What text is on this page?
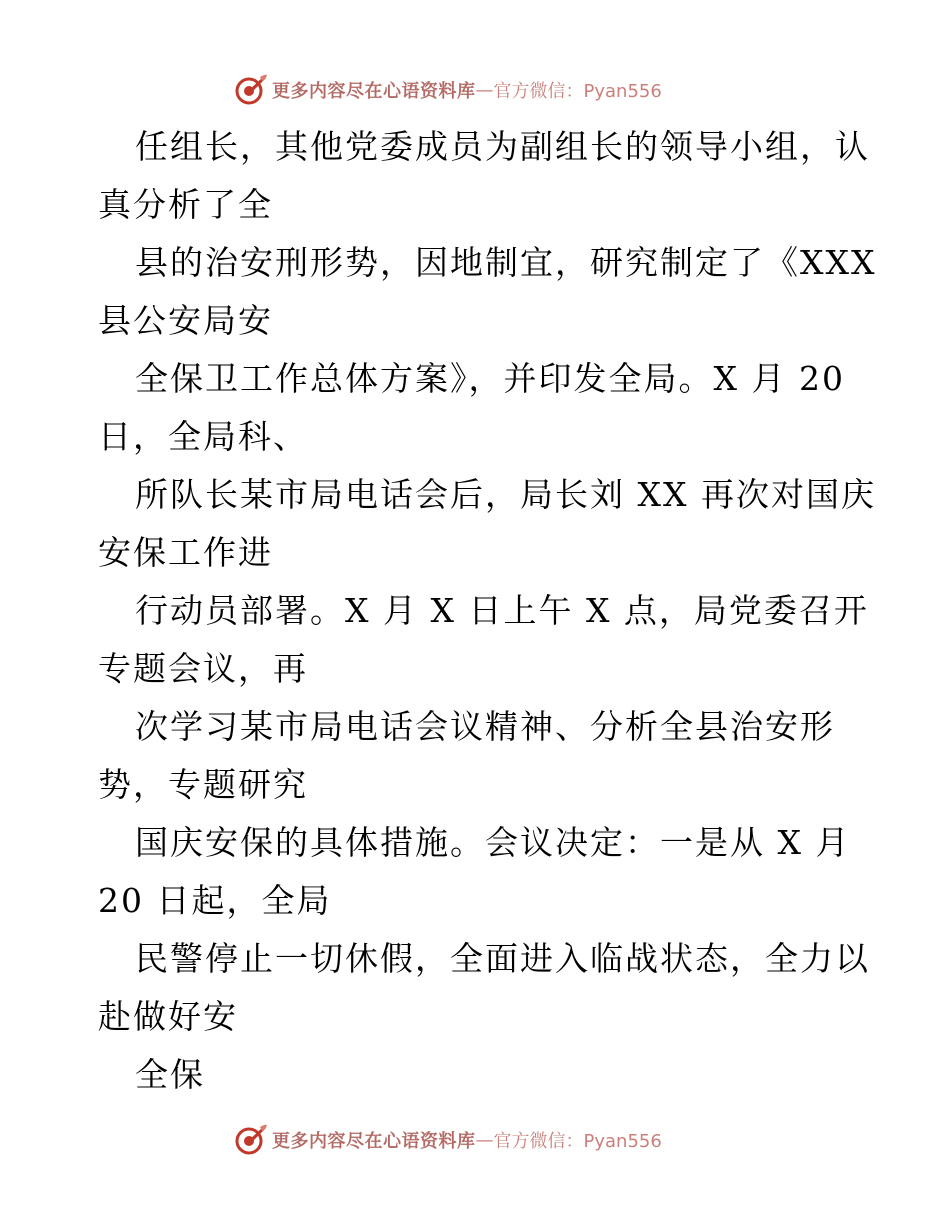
更多内容尽在心语资料库 — 官方微信：Pyan556
任组长，其他党委成员为副组长的领导小组，认
真分析了全
县的治安刑形势，因地制宜，研究制定了《XXX
县公安局安
全保卫工作总体方案》，并印发全局。X 月 20
日，全局科、
所队长某市局电话会后，局长刘 XX 再次对国庆
安保工作进
行动员部署。X 月 X 日上午 X 点，局党委召开
专题会议，再
次学习某市局电话会议精神、分析全县治安形
势，专题研究
国庆安保的具体措施。会议决定：一是从 X 月
20 日起，全局
民警停止一切休假，全面进入临战状态，全力以
赴做好安
全保
更多内容尽在心语资料库 — 官方微信：Pyan556
